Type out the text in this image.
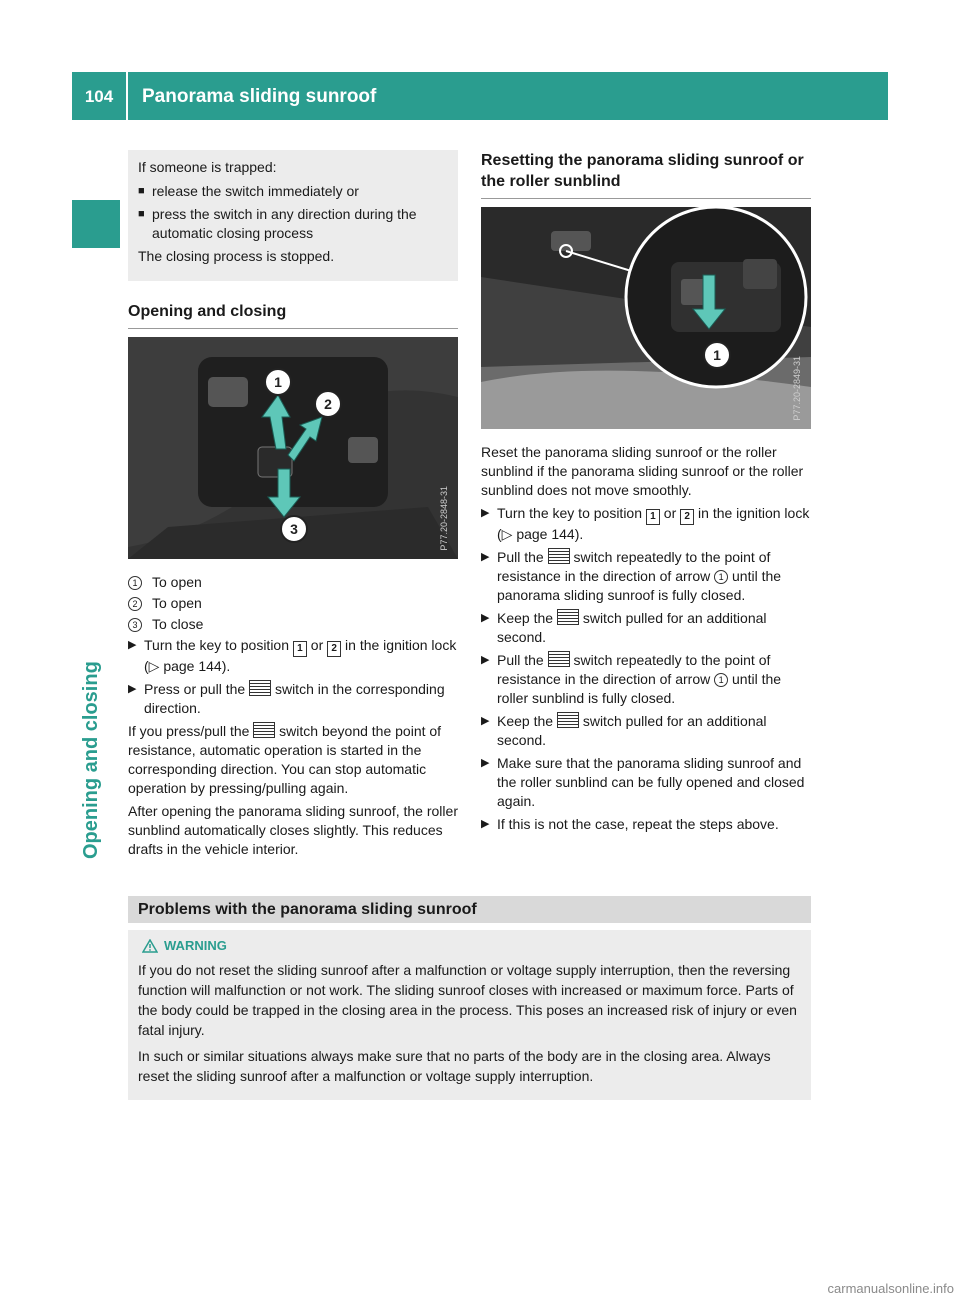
104	Panorama sliding sunroof
Opening and closing

If someone is trapped:

■ release the switch immediately or
■ press the switch in any direction during the automatic closing process

The closing process is stopped.

Opening and closing
1
2
3	P77.20-2848-31
1	To open
2	To open
3	To close
▶ Turn the key to position 1 or 2 in the ignition lock (▷ page 144).
▶ Press or pull the  switch in the corresponding direction.

If you press/pull the  switch beyond the point of resistance, automatic operation is started in the corresponding direction. You can stop automatic operation by pressing/pulling again.

After opening the panorama sliding sunroof, the roller sunblind automatically closes slightly. This reduces drafts in the vehicle interior.

Resetting the panorama sliding sunroof or the roller sunblind
1
P77.20-2849-31

Reset the panorama sliding sunroof or the roller sunblind if the panorama sliding sunroof or the roller sunblind does not move smoothly.

▶ Turn the key to position 1 or 2 in the ignition lock (▷ page 144).
▶ Pull the  switch repeatedly to the point of resistance in the direction of arrow 1 until the panorama sliding sunroof is fully closed.
▶ Keep the  switch pulled for an additional second.
▶ Pull the  switch repeatedly to the point of resistance in the direction of arrow 1 until the roller sunblind is fully closed.
▶ Keep the  switch pulled for an additional second.
▶ Make sure that the panorama sliding sunroof and the roller sunblind can be fully opened and closed again.
▶ If this is not the case, repeat the steps above.
Problems with the panorama sliding sunroof
WARNING

If you do not reset the sliding sunroof after a malfunction or voltage supply interruption, then the reversing function will malfunction or not work. The sliding sunroof closes with increased or maximum force. Parts of the body could be trapped in the closing area in the process. This poses an increased risk of injury or even fatal injury.

In such or similar situations always make sure that no parts of the body are in the closing area. Always reset the sliding sunroof after a malfunction or voltage supply interruption.

carmanualsonline.info
